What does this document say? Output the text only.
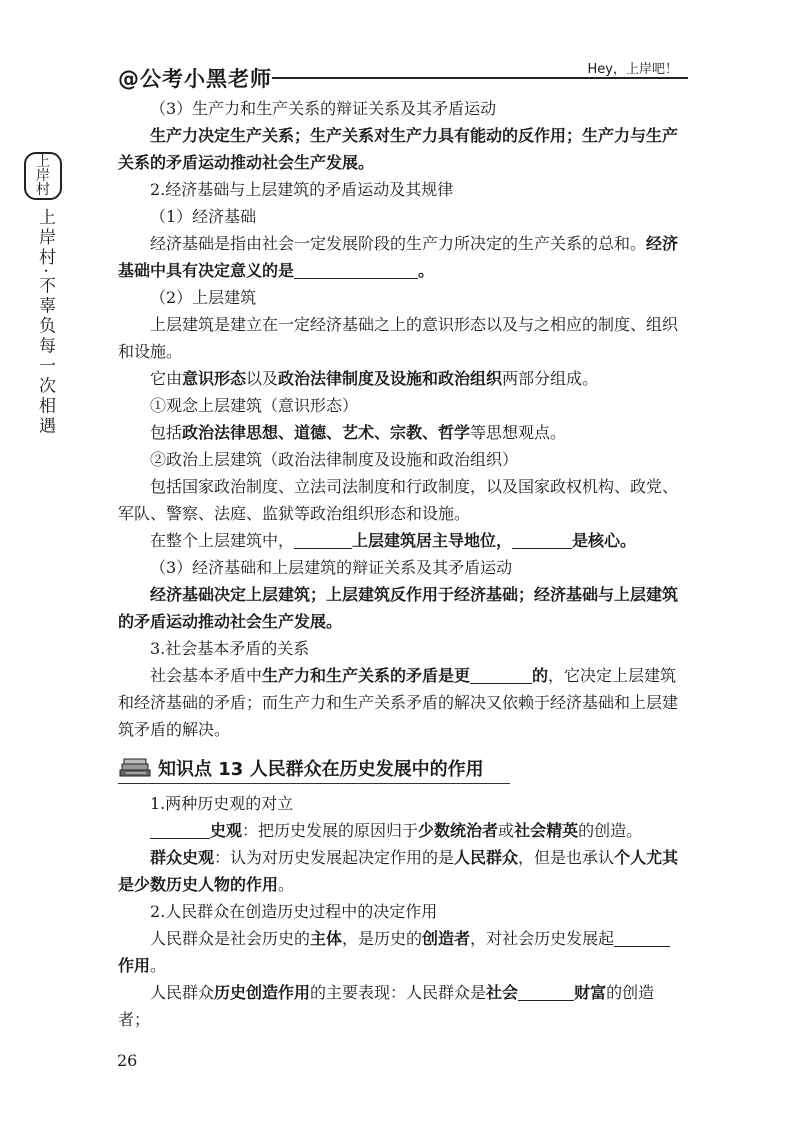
@公考小黑老师	Hey，上岸吧！
上
岸
村
上岸村·不辜负每一次相遇

（3）生产力和生产关系的辩证关系及其矛盾运动

生产力决定生产关系；生产关系对生产力具有能动的反作用；生产力与生产关系的矛盾运动推动社会生产发展。

2.经济基础与上层建筑的矛盾运动及其规律

（1）经济基础

经济基础是指由社会一定发展阶段的生产力所决定的生产关系的总和。经济基础中具有决定意义的是	。

（2）上层建筑

上层建筑是建立在一定经济基础之上的意识形态以及与之相应的制度、组织和设施。

它由意识形态以及政治法律制度及设施和政治组织两部分组成。

①观念上层建筑（意识形态）

包括政治法律思想、道德、艺术、宗教、哲学等思想观点。

②政治上层建筑（政治法律制度及设施和政治组织）

包括国家政治制度、立法司法制度和行政制度，以及国家政权机构、政党、军队、警察、法庭、监狱等政治组织形态和设施。

在整个上层建筑中，	上层建筑居主导地位，	是核心。

（3）经济基础和上层建筑的辩证关系及其矛盾运动

经济基础决定上层建筑；上层建筑反作用于经济基础；经济基础与上层建筑的矛盾运动推动社会生产发展。

3.社会基本矛盾的关系

社会基本矛盾中生产力和生产关系的矛盾是更	的，它决定上层建筑和经济基础的矛盾；而生产力和生产关系矛盾的解决又依赖于经济基础和上层建筑矛盾的解决。

知识点 13 人民群众在历史发展中的作用

1.两种历史观的对立

史观：把历史发展的原因归于少数统治者或社会精英的创造。

群众史观：认为对历史发展起决定作用的是人民群众，但是也承认个人尤其是少数历史人物的作用。

2.人民群众在创造历史过程中的决定作用

人民群众是社会历史的主体，是历史的创造者，对社会历史发展起作用。

人民群众历史创造作用的主要表现：人民群众是社会	财富的创造者；

26
